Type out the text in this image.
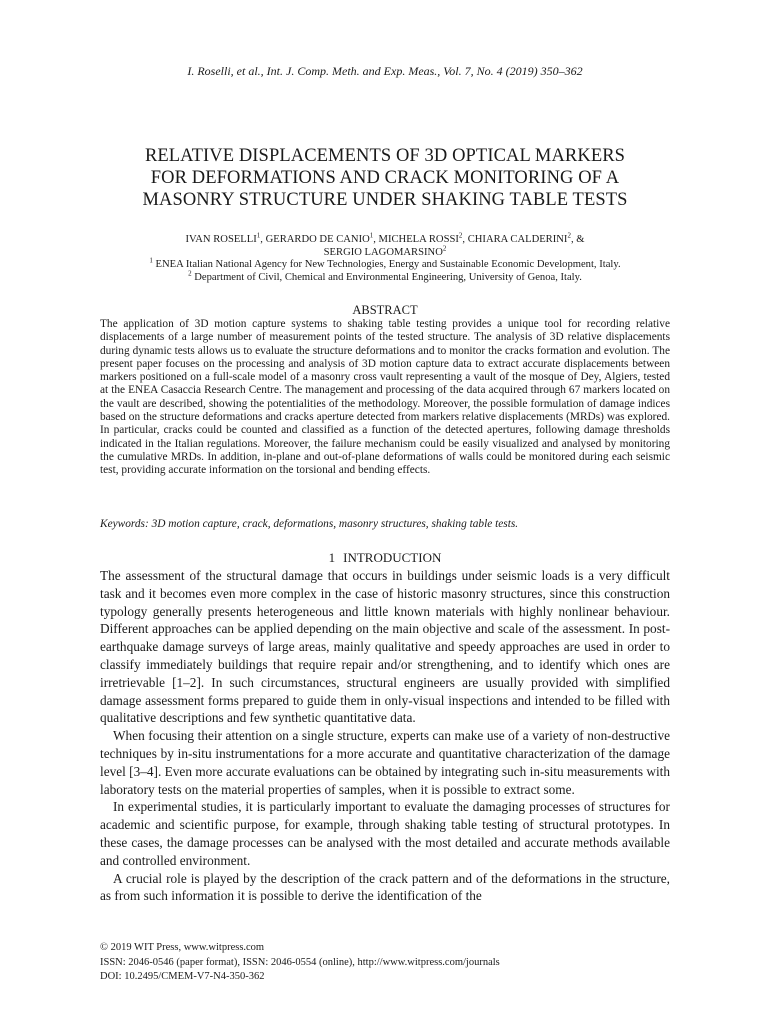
I. Roselli, et al., Int. J. Comp. Meth. and Exp. Meas., Vol. 7, No. 4 (2019) 350–362
RELATIVE DISPLACEMENTS OF 3D OPTICAL MARKERS
FOR DEFORMATIONS AND CRACK MONITORING OF A
MASONRY STRUCTURE UNDER SHAKING TABLE TESTS
IVAN ROSELLI$^1$, GERARDO DE CANIO$^1$, MICHELA ROSSI$^2$, CHIARA CALDERINI$^2$, &
SERGIO LAGOMARSINO$^2$
$^1$ ENEA Italian National Agency for New Technologies, Energy and Sustainable Economic Development, Italy.
$^2$ Department of Civil, Chemical and Environmental Engineering, University of Genoa, Italy.
ABSTRACT

The application of 3D motion capture systems to shaking table testing provides a unique tool for recording relative displacements of a large number of measurement points of the tested structure. The analysis of 3D relative displacements during dynamic tests allows us to evaluate the structure deformations and to monitor the cracks formation and evolution. The present paper focuses on the processing and analysis of 3D motion capture data to extract accurate displacements between markers positioned on a full-scale model of a masonry cross vault representing a vault of the mosque of Dey, Algiers, tested at the ENEA Casaccia Research Centre. The management and processing of the data acquired through 67 markers located on the vault are described, showing the potentialities of the methodology. Moreover, the possible formulation of damage indices based on the structure deformations and cracks aperture detected from markers relative displacements (MRDs) was explored. In particular, cracks could be counted and classified as a function of the detected apertures, following damage thresholds indicated in the Italian regulations. Moreover, the failure mechanism could be easily visualized and analysed by monitoring the cumulative MRDs. In addition, in-plane and out-of-plane deformations of walls could be monitored during each seismic test, providing accurate information on the torsional and bending effects.

Keywords: 3D motion capture, crack, deformations, masonry structures, shaking table tests.
1 INTRODUCTION

The assessment of the structural damage that occurs in buildings under seismic loads is a very difficult task and it becomes even more complex in the case of historic masonry structures, since this construction typology generally presents heterogeneous and little known materials with highly nonlinear behaviour. Different approaches can be applied depending on the main objective and scale of the assessment. In post-earthquake damage surveys of large areas, mainly qualitative and speedy approaches are used in order to classify immediately buildings that require repair and/or strengthening, and to identify which ones are irretrievable [1–2]. In such circumstances, structural engineers are usually provided with simplified damage assessment forms prepared to guide them in only-visual inspections and intended to be filled with qualitative descriptions and few synthetic quantitative data.

When focusing their attention on a single structure, experts can make use of a variety of non-destructive techniques by in-situ instrumentations for a more accurate and quantitative characterization of the damage level [3–4]. Even more accurate evaluations can be obtained by integrating such in-situ measurements with laboratory tests on the material properties of samples, when it is possible to extract some.

In experimental studies, it is particularly important to evaluate the damaging processes of structures for academic and scientific purpose, for example, through shaking table testing of structural prototypes. In these cases, the damage processes can be analysed with the most detailed and accurate methods available and controlled environment.

A crucial role is played by the description of the crack pattern and of the deformations in the structure, as from such information it is possible to derive the identification of the

© 2019 WIT Press, www.witpress.com
ISSN: 2046-0546 (paper format), ISSN: 2046-0554 (online), http://www.witpress.com/journals
DOI: 10.2495/CMEM-V7-N4-350-362
